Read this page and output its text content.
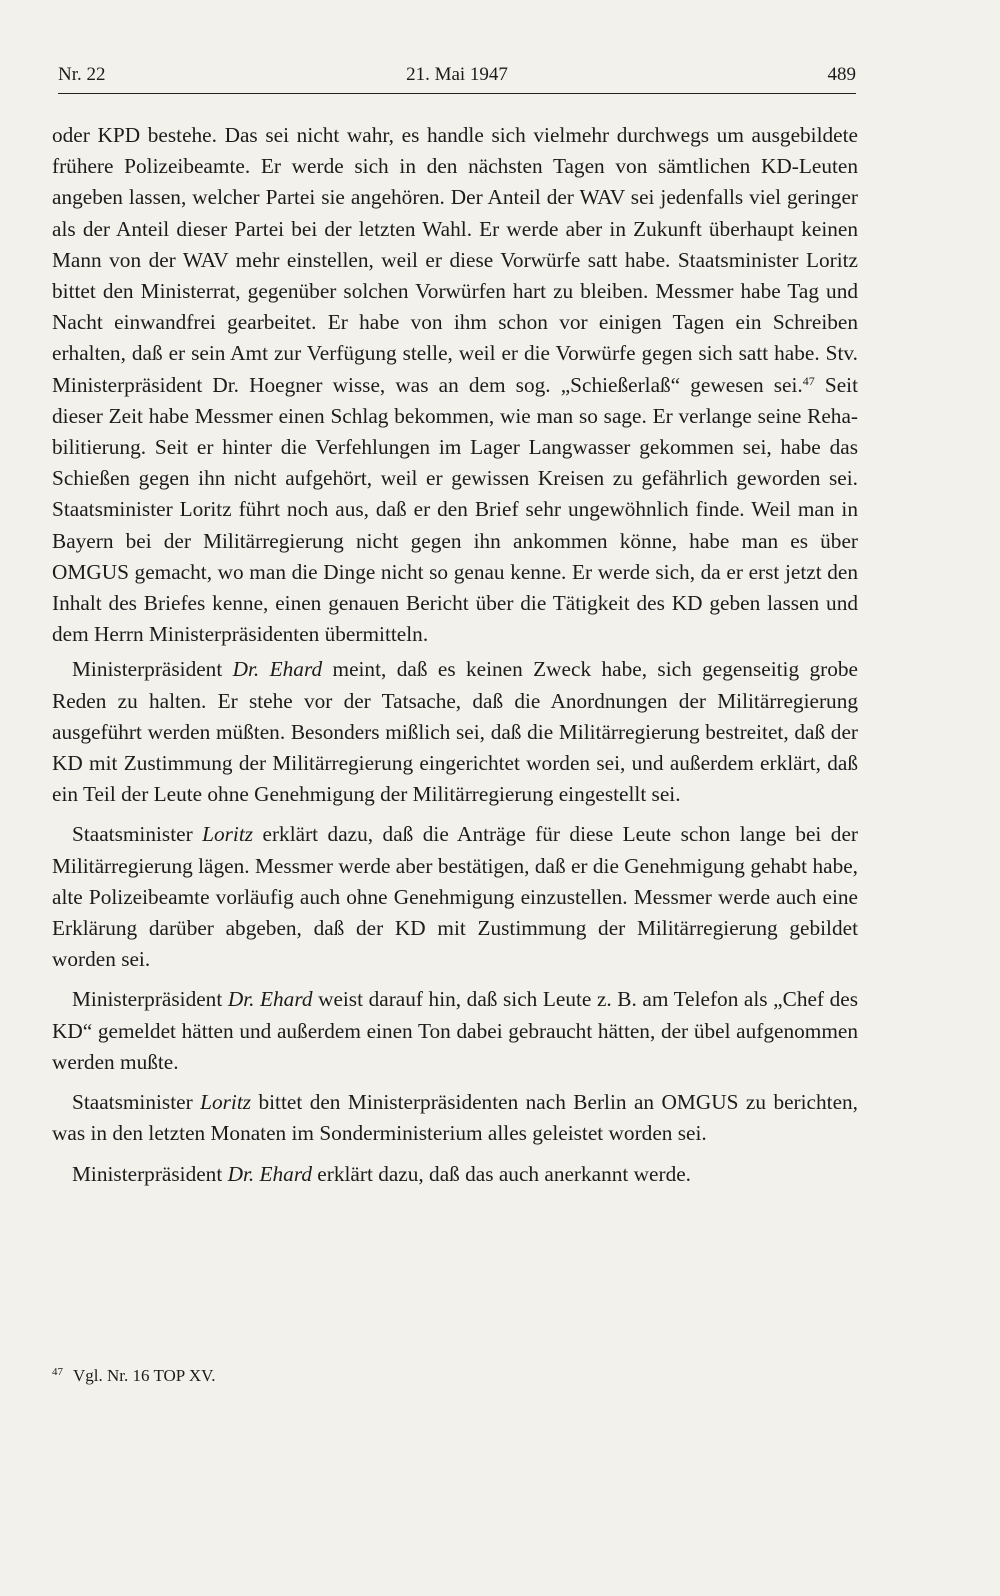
Nr. 22	21. Mai 1947	489

oder KPD bestehe. Das sei nicht wahr, es handle sich vielmehr durchwegs um ausgebildete frühere Polizeibeamte. Er werde sich in den nächsten Tagen von sämtlichen KD-Leuten angeben lassen, welcher Partei sie angehören. Der Anteil der WAV sei jedenfalls viel geringer als der Anteil dieser Partei bei der letzten Wahl. Er werde aber in Zukunft überhaupt keinen Mann von der WAV mehr einstellen, weil er diese Vorwürfe satt habe. Staatsminister Loritz bittet den Ministerrat, gegenüber solchen Vorwürfen hart zu bleiben. Messmer habe Tag und Nacht einwandfrei gearbeitet. Er habe von ihm schon vor einigen Tagen ein Schreiben erhalten, daß er sein Amt zur Verfügung stelle, weil er die Vorwürfe gegen sich satt habe. Stv. Ministerpräsident Dr. Hoegner wisse, was an dem sog. „Schießerlaß“ gewesen sei.$^{47}$ Seit dieser Zeit habe Messmer einen Schlag bekommen, wie man so sage. Er verlange seine Rehabilitierung. Seit er hinter die Verfehlungen im Lager Langwasser gekommen sei, habe das Schießen gegen ihn nicht aufgehört, weil er gewissen Kreisen zu gefährlich geworden sei. Staatsminister Loritz führt noch aus, daß er den Brief sehr ungewöhnlich finde. Weil man in Bayern bei der Militärregierung nicht gegen ihn ankommen könne, habe man es über OMGUS gemacht, wo man die Dinge nicht so genau kenne. Er werde sich, da er erst jetzt den Inhalt des Briefes kenne, einen genauen Bericht über die Tätigkeit des KD geben lassen und dem Herrn Ministerpräsidenten übermitteln.

Ministerpräsident Dr. Ehard meint, daß es keinen Zweck habe, sich gegenseitig grobe Reden zu halten. Er stehe vor der Tatsache, daß die Anordnungen der Militärregierung ausgeführt werden müßten. Besonders mißlich sei, daß die Militärregierung bestreitet, daß der KD mit Zustimmung der Militärregierung eingerichtet worden sei, und außerdem erklärt, daß ein Teil der Leute ohne Genehmigung der Militärregierung eingestellt sei.

Staatsminister Loritz erklärt dazu, daß die Anträge für diese Leute schon lange bei der Militärregierung lägen. Messmer werde aber bestätigen, daß er die Genehmigung gehabt habe, alte Polizeibeamte vorläufig auch ohne Genehmigung einzustellen. Messmer werde auch eine Erklärung darüber abgeben, daß der KD mit Zustimmung der Militärregierung gebildet worden sei.

Ministerpräsident Dr. Ehard weist darauf hin, daß sich Leute z. B. am Telefon als „Chef des KD“ gemeldet hätten und außerdem einen Ton dabei gebraucht hätten, der übel aufgenommen werden mußte.

Staatsminister Loritz bittet den Ministerpräsidenten nach Berlin an OMGUS zu berichten, was in den letzten Monaten im Sonderministerium alles geleistet worden sei.

Ministerpräsident Dr. Ehard erklärt dazu, daß das auch anerkannt werde.

$^{47}$ Vgl. Nr. 16 TOP XV.
